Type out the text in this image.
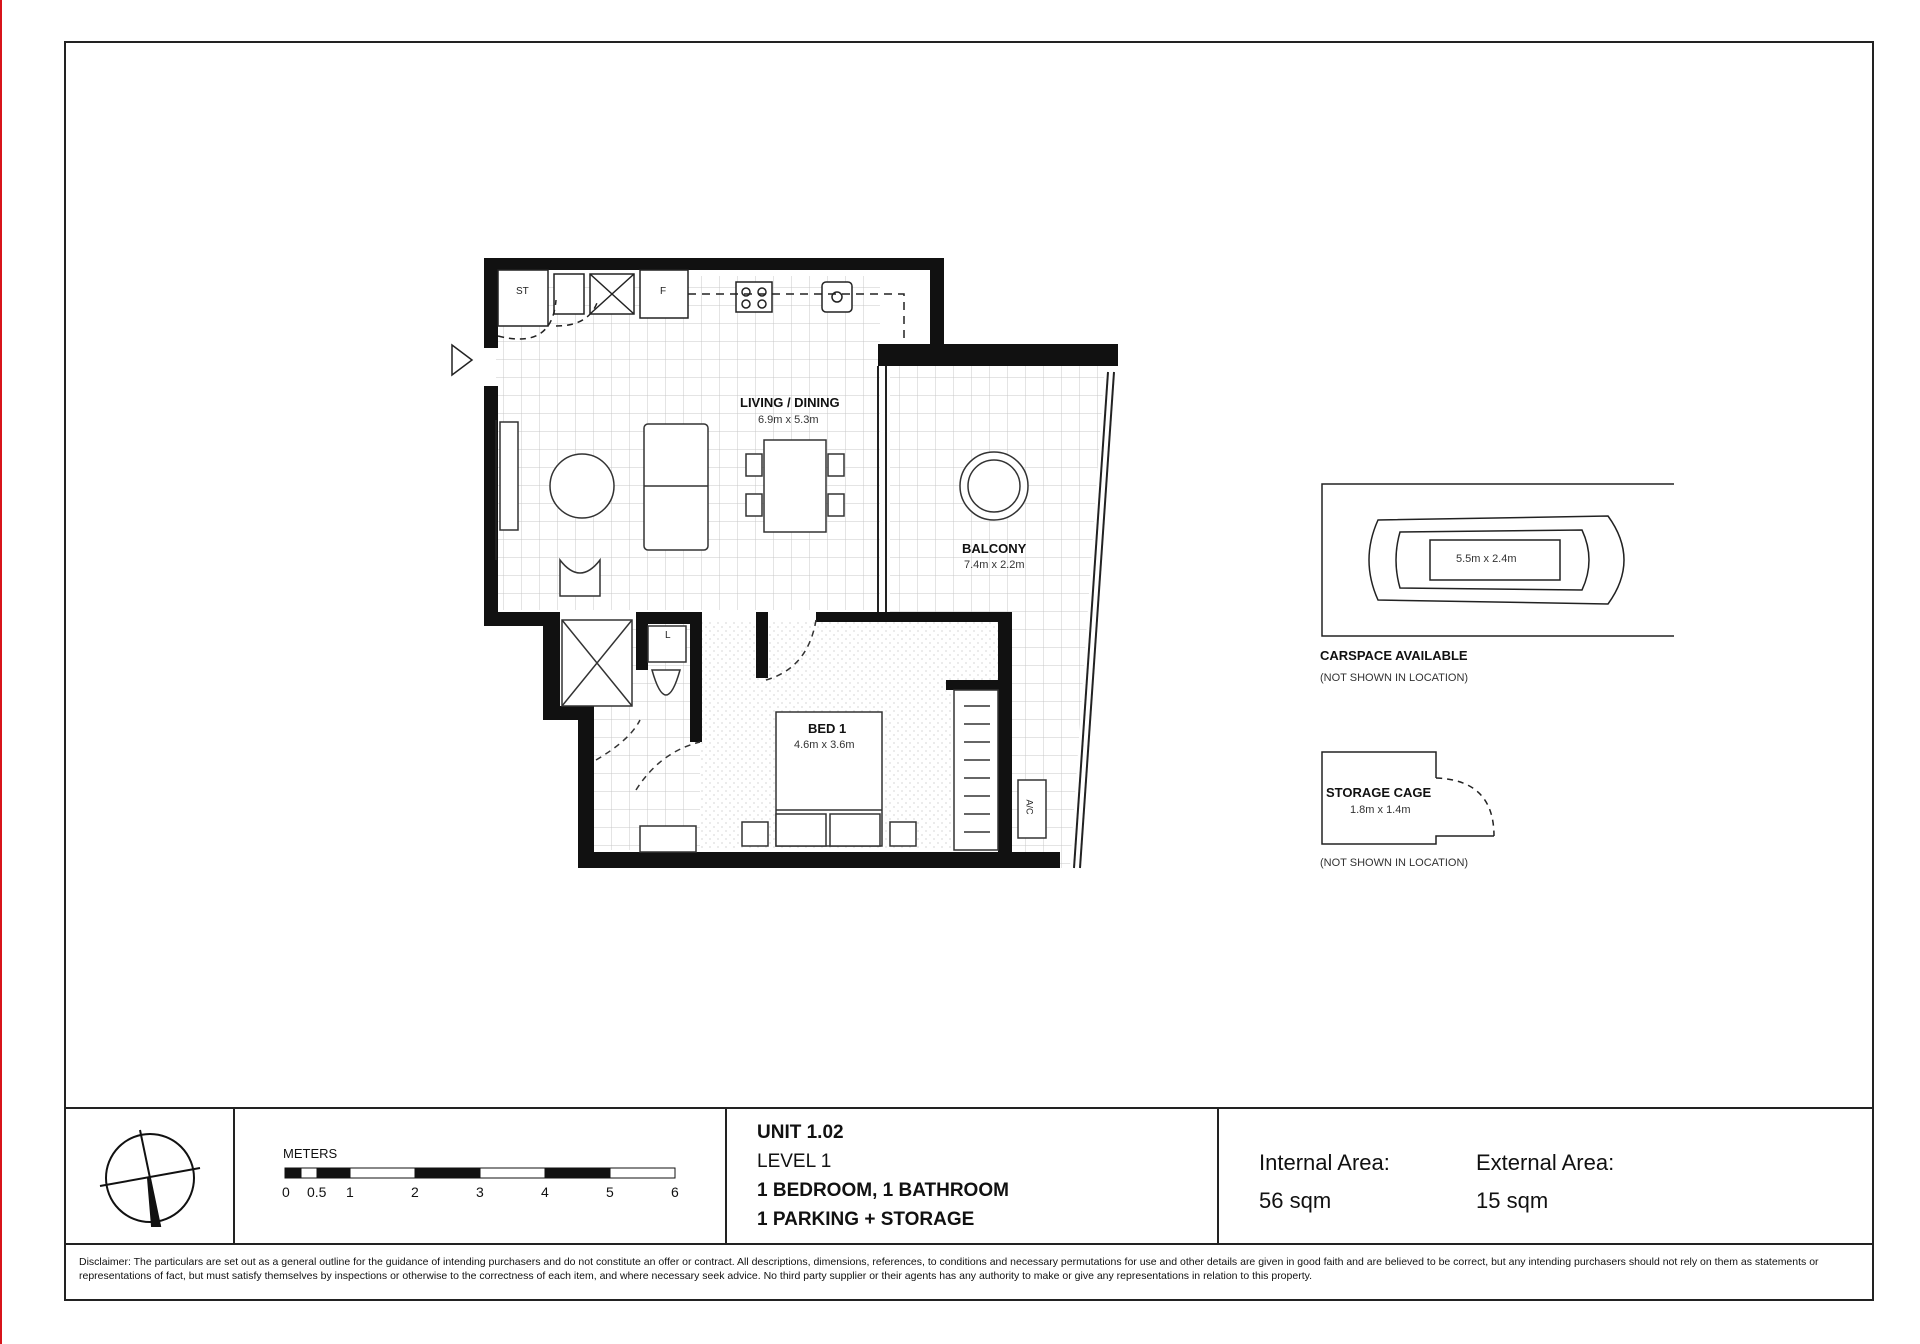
LIVING / DINING
6.9m x 5.3m
BALCONY
7.4m x 2.2m
BED 1
4.6m x 3.6m
ST	F
L
A/C
5.5m x 2.4m
CARSPACE AVAILABLE
(NOT SHOWN IN LOCATION)
STORAGE CAGE
1.8m x 1.4m
(NOT SHOWN IN LOCATION)
METERS
0 0.5 1	2	3	4	5	6
UNIT 1.02
LEVEL 1
1 BEDROOM, 1 BATHROOM
1 PARKING + STORAGE
Internal Area:
56 sqm
External Area:
15 sqm
Disclaimer: The particulars are set out as a general outline for the guidance of intending purchasers and do not constitute an offer or contract. All descriptions, dimensions, references, to conditions and necessary permutations for use and other details are given in good faith and are believed to be correct, but any intending purchasers should not rely on them as statements or representations of fact, but must satisfy themselves by inspections or otherwise to the correctness of each item, and where necessary seek advice. No third party supplier or their agents has any authority to make or give any representations in relation to this property.
